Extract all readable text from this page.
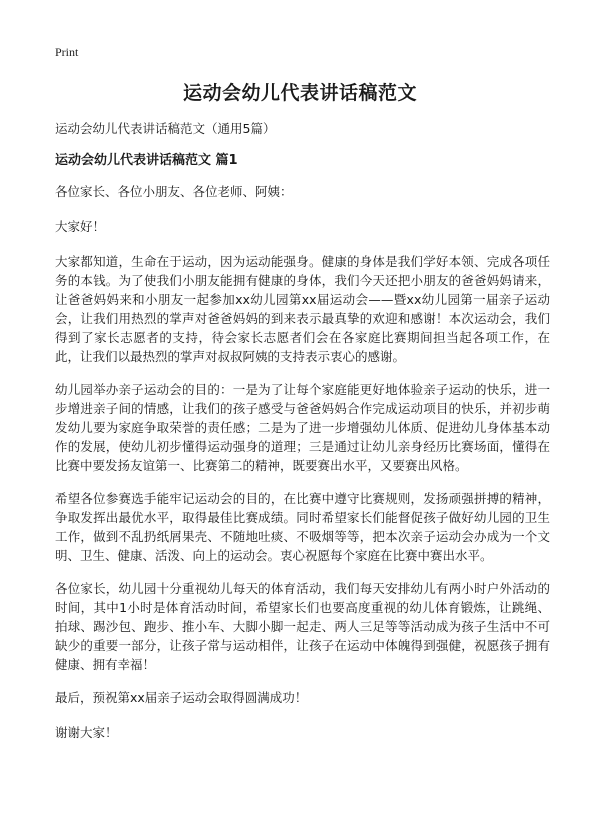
Print
运动会幼儿代表讲话稿范文

运动会幼儿代表讲话稿范文（通用5篇）

运动会幼儿代表讲话稿范文 篇1

各位家长、各位小朋友、各位老师、阿姨：

大家好！

大家都知道，生命在于运动，因为运动能强身。健康的身体是我们学好本领、完成各项任务的本钱。为了使我们小朋友能拥有健康的身体，我们今天还把小朋友的爸爸妈妈请来，让爸爸妈妈来和小朋友一起参加xx幼儿园第xx届运动会——暨xx幼儿园第一届亲子运动会，让我们用热烈的掌声对爸爸妈妈的到来表示最真挚的欢迎和感谢！本次运动会，我们得到了家长志愿者的支持，待会家长志愿者们会在各家庭比赛期间担当起各项工作，在此，让我们以最热烈的掌声对叔叔阿姨的支持表示衷心的感谢。

幼儿园举办亲子运动会的目的：一是为了让每个家庭能更好地体验亲子运动的快乐，进一步增进亲子间的情感，让我们的孩子感受与爸爸妈妈合作完成运动项目的快乐，并初步萌发幼儿要为家庭争取荣誉的责任感；二是为了进一步增强幼儿体质、促进幼儿身体基本动作的发展，使幼儿初步懂得运动强身的道理；三是通过让幼儿亲身经历比赛场面，懂得在比赛中要发扬友谊第一、比赛第二的精神，既要赛出水平，又要赛出风格。

希望各位参赛选手能牢记运动会的目的，在比赛中遵守比赛规则，发扬顽强拼搏的精神，争取发挥出最优水平，取得最佳比赛成绩。同时希望家长们能督促孩子做好幼儿园的卫生工作，做到不乱扔纸屑果壳、不随地吐痰、不吸烟等等，把本次亲子运动会办成为一个文明、卫生、健康、活泼、向上的运动会。衷心祝愿每个家庭在比赛中赛出水平。

各位家长，幼儿园十分重视幼儿每天的体育活动，我们每天安排幼儿有两小时户外活动的时间，其中1小时是体育活动时间，希望家长们也要高度重视的幼儿体育锻炼，让跳绳、拍球、踢沙包、跑步、推小车、大脚小脚一起走、两人三足等等活动成为孩子生活中不可缺少的重要一部分，让孩子常与运动相伴，让孩子在运动中体魄得到强健，祝愿孩子拥有健康、拥有幸福！

最后，预祝第xx届亲子运动会取得圆满成功！

谢谢大家！
